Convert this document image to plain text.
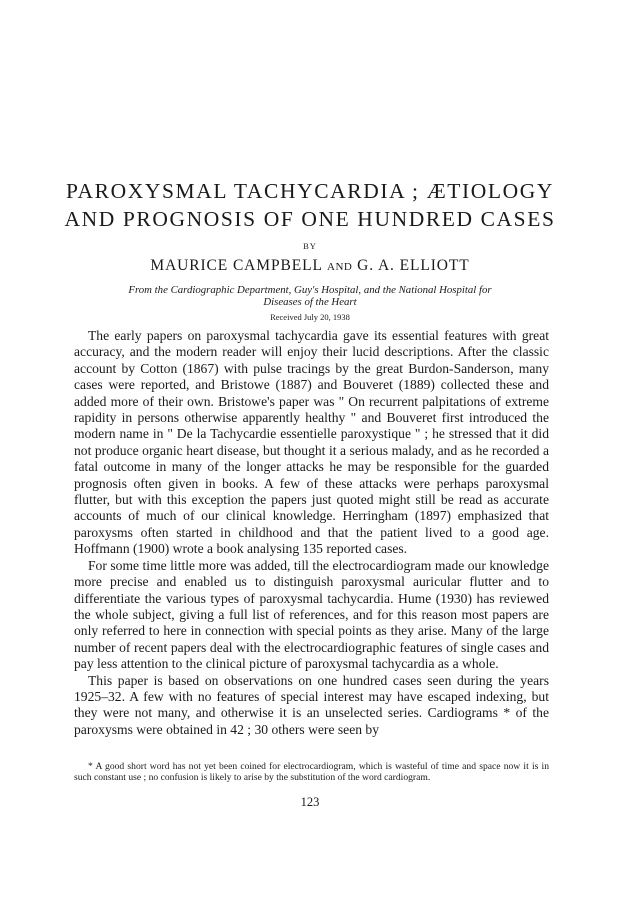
PAROXYSMAL TACHYCARDIA ; ÆTIOLOGY
AND PROGNOSIS OF ONE HUNDRED CASES
BY
MAURICE CAMPBELL AND G. A. ELLIOTT
From the Cardiographic Department, Guy's Hospital, and the National Hospital for
Diseases of the Heart
Received July 20, 1938

The early papers on paroxysmal tachycardia gave its essential features with great accuracy, and the modern reader will enjoy their lucid descriptions. After the classic account by Cotton (1867) with pulse tracings by the great Burdon-Sanderson, many cases were reported, and Bristowe (1887) and Bouveret (1889) collected these and added more of their own. Bristowe's paper was " On recurrent palpitations of extreme rapidity in persons otherwise apparently healthy " and Bouveret first introduced the modern name in " De la Tachycardie essentielle paroxystique " ; he stressed that it did not produce organic heart disease, but thought it a serious malady, and as he recorded a fatal outcome in many of the longer attacks he may be responsible for the guarded prognosis often given in books. A few of these attacks were perhaps paroxysmal flutter, but with this exception the papers just quoted might still be read as accurate accounts of much of our clinical knowledge. Herringham (1897) emphasized that paroxysms often started in childhood and that the patient lived to a good age. Hoffmann (1900) wrote a book analysing 135 reported cases.

For some time little more was added, till the electrocardiogram made our knowledge more precise and enabled us to distinguish paroxysmal auricular flutter and to differentiate the various types of paroxysmal tachycardia. Hume (1930) has reviewed the whole subject, giving a full list of references, and for this reason most papers are only referred to here in connection with special points as they arise. Many of the large number of recent papers deal with the electrocardiographic features of single cases and pay less attention to the clinical picture of paroxysmal tachycardia as a whole.

This paper is based on observations on one hundred cases seen during the years 1925–32. A few with no features of special interest may have escaped indexing, but they were not many, and otherwise it is an unselected series. Cardiograms * of the paroxysms were obtained in 42 ; 30 others were seen by

* A good short word has not yet been coined for electrocardiogram, which is wasteful of time and space now it is in such constant use ; no confusion is likely to arise by the substitution of the word cardiogram.

123
